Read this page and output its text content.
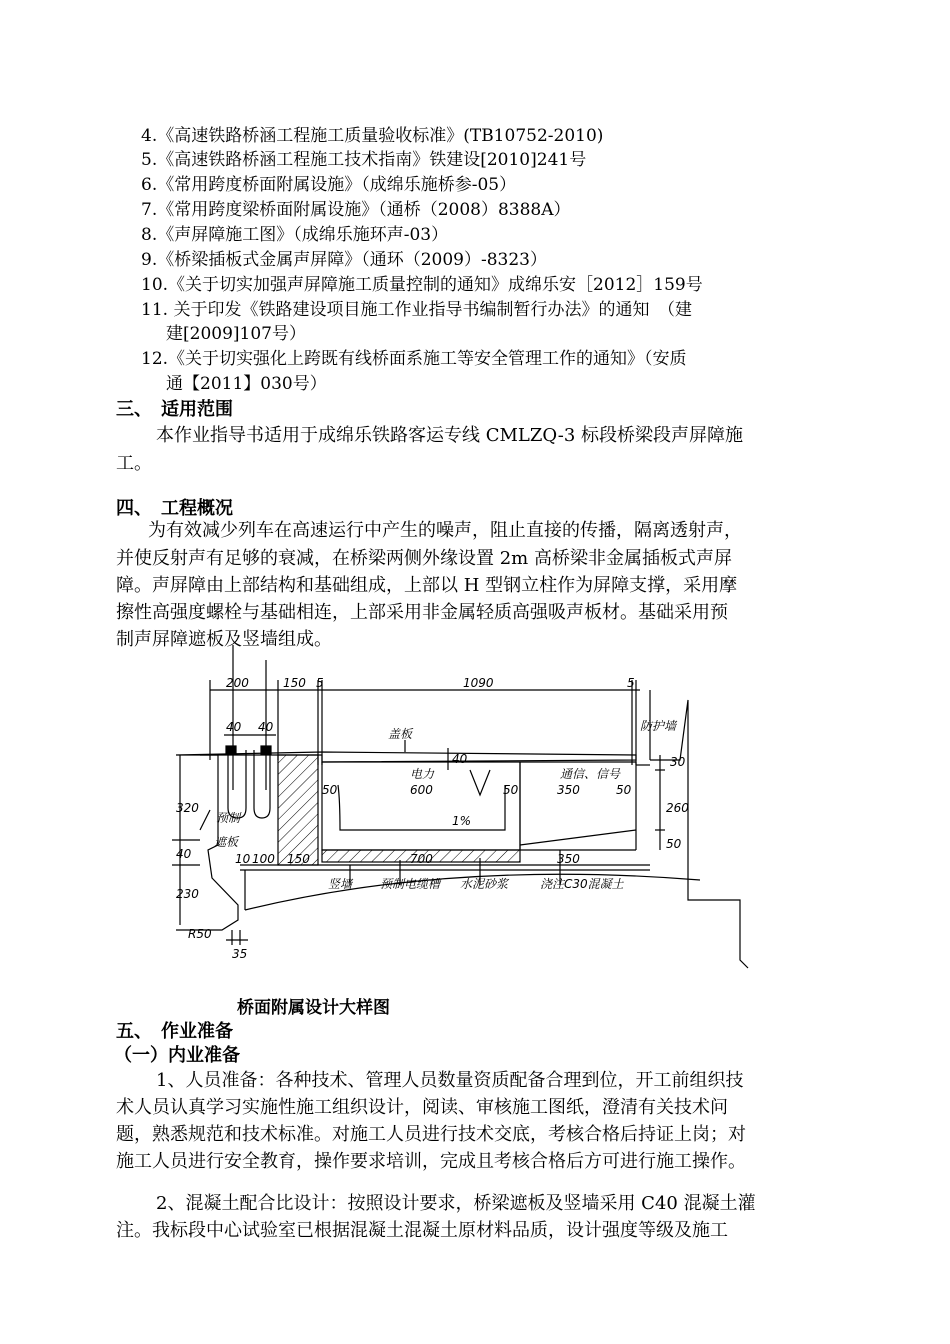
4.《高速铁路桥涵工程施工质量验收标准》(TB10752-2010)
5.《高速铁路桥涵工程施工技术指南》铁建设[2010]241号
6.《常用跨度桥面附属设施》（成绵乐施桥参-05）
7.《常用跨度梁桥面附属设施》（通桥（2008）8388A）
8.《声屏障施工图》（成绵乐施环声-03）
9.《桥梁插板式金属声屏障》（通环（2009）-8323）
10.《关于切实加强声屏障施工质量控制的通知》成绵乐安［2012］159号
11. 关于印发《铁路建设项目施工作业指导书编制暂行办法》的通知　（建
建[2009]107号）
12.《关于切实强化上跨既有线桥面系施工等安全管理工作的通知》（安质
通【2011】030号）
三、　适用范围
本作业指导书适用于成绵乐铁路客运专线 CMLZQ-3 标段桥梁段声屏障施
工。
四、　工程概况
为有效减少列车在高速运行中产生的噪声，阻止直接的传播，隔离透射声，
并使反射声有足够的衰减，在桥梁两侧外缘设置 2m 高桥梁非金属插板式声屏
障。声屏障由上部结构和基础组成，上部以 H 型钢立柱作为屏障支撑，采用摩
擦性高强度螺栓与基础相连，上部采用非金属轻质高强吸声板材。基础采用预
制声屏障遮板及竖墙组成。
200	150 5	1090	5
40 40	盖板
40
电力	通信、信号
30
防护墙
50	600	50	350	50
320
预制
遮板
1%
260
50
40	10 100 150	700	350
230
竖墙 预制电缆槽 水泥砂浆	浇注C30混凝土
R50
35
桥面附属设计大样图
五、　作业准备
（一）内业准备
1、人员准备：各种技术、管理人员数量资质配备合理到位，开工前组织技
术人员认真学习实施性施工组织设计，阅读、审核施工图纸，澄清有关技术问
题，熟悉规范和技术标准。对施工人员进行技术交底，考核合格后持证上岗；对
施工人员进行安全教育，操作要求培训，完成且考核合格后方可进行施工操作。
2、混凝土配合比设计：按照设计要求，桥梁遮板及竖墙采用 C40 混凝土灌
注。我标段中心试验室已根据混凝土混凝土原材料品质，设计强度等级及施工
